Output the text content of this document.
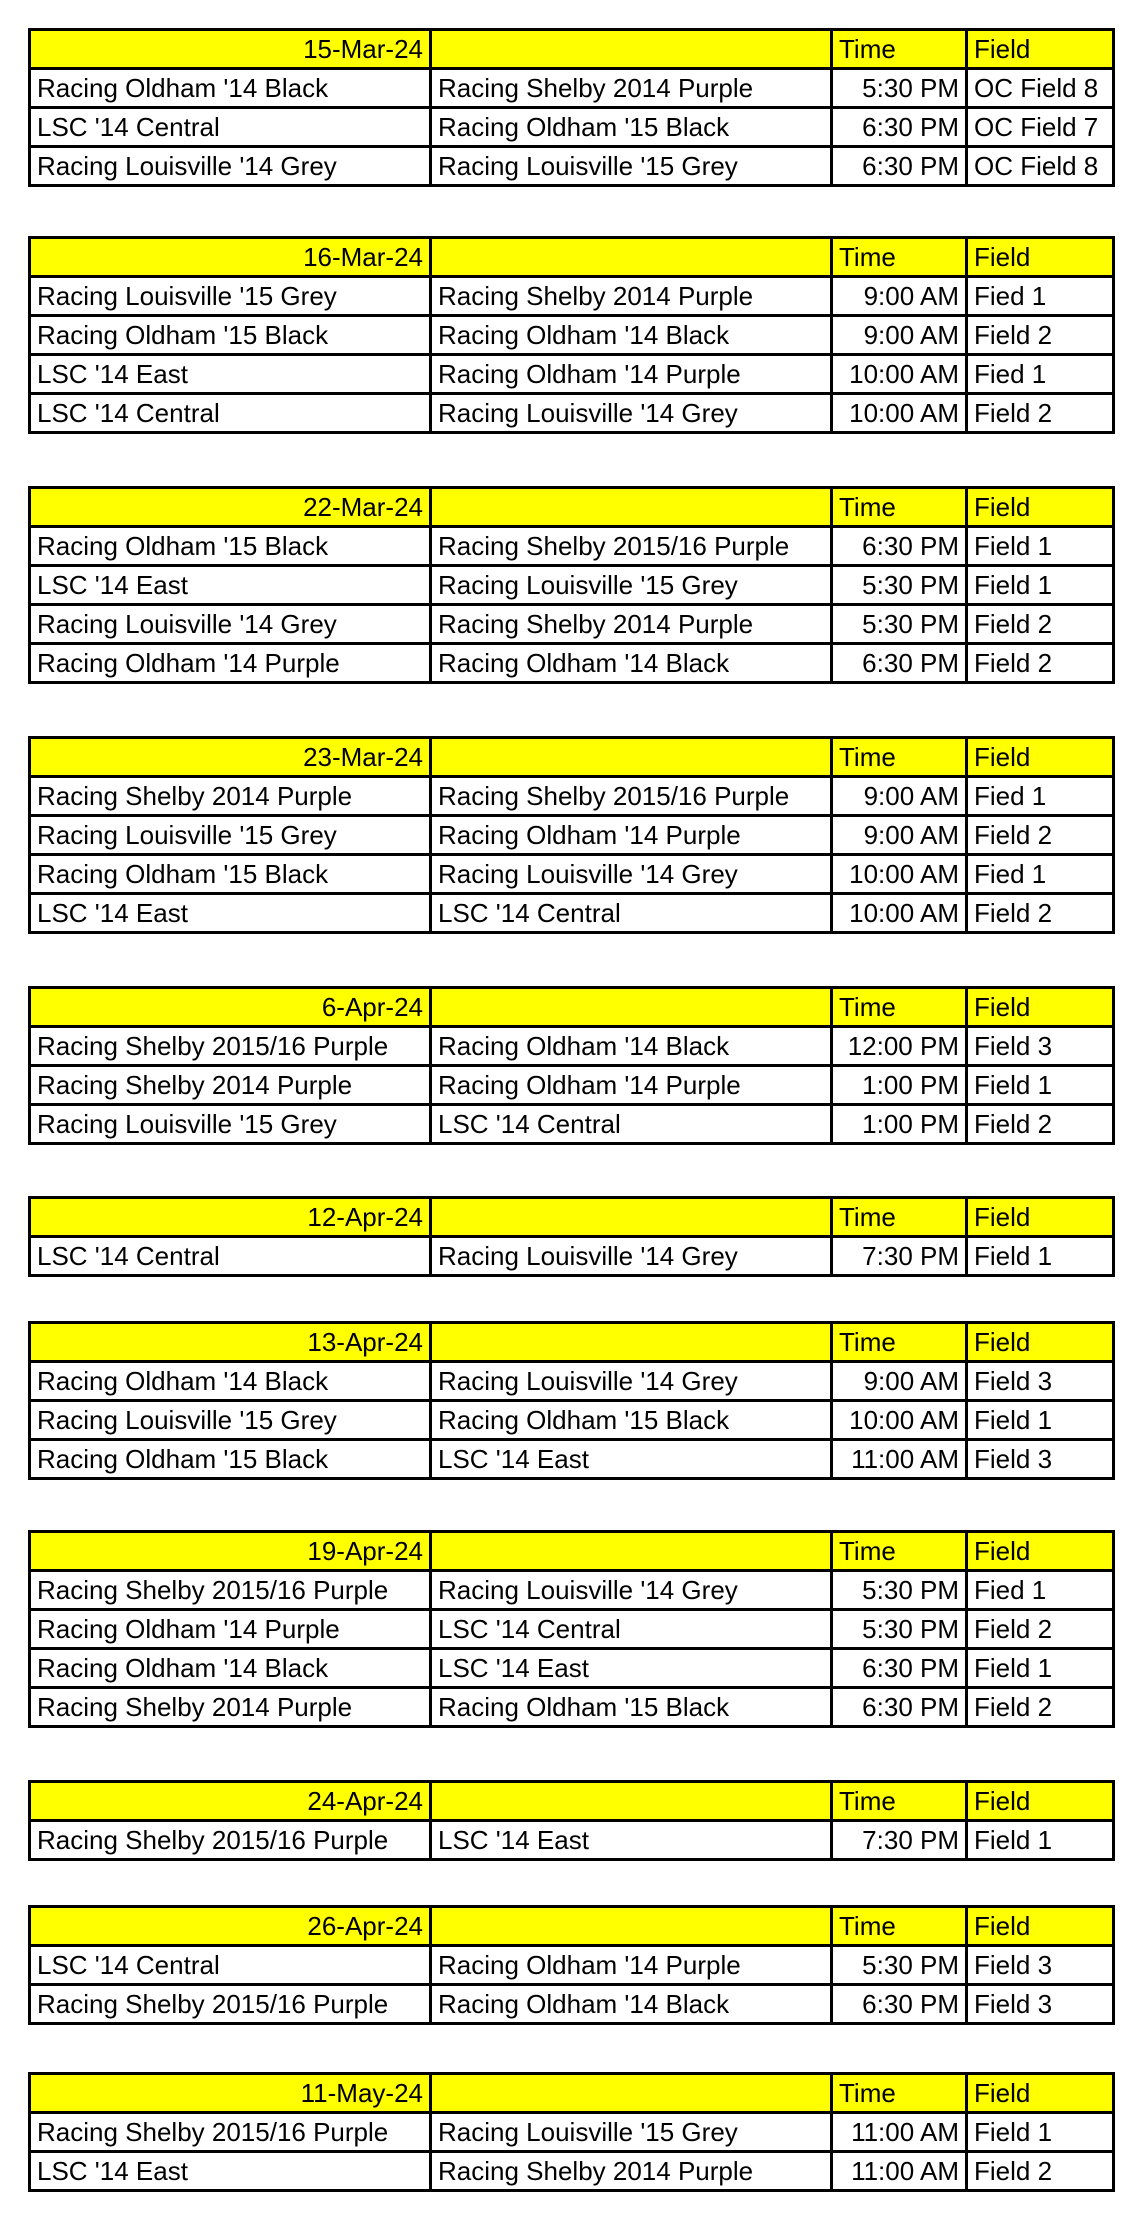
15-Mar-24		Time	Field
Racing Oldham '14 Black	Racing Shelby 2014 Purple	5:30 PM	OC Field 8
LSC '14 Central	Racing Oldham '15 Black	6:30 PM	OC Field 7
Racing Louisville '14 Grey	Racing Louisville '15 Grey	6:30 PM	OC Field 8
16-Mar-24		Time	Field
Racing Louisville '15 Grey	Racing Shelby 2014 Purple	9:00 AM	Fied 1
Racing Oldham '15 Black	Racing Oldham '14 Black	9:00 AM	Field 2
LSC '14 East	Racing Oldham '14 Purple	10:00 AM	Fied 1
LSC '14 Central	Racing Louisville '14 Grey	10:00 AM	Field 2
22-Mar-24		Time	Field
Racing Oldham '15 Black	Racing Shelby 2015/16 Purple	6:30 PM	Field 1
LSC '14 East	Racing Louisville '15 Grey	5:30 PM	Field 1
Racing Louisville '14 Grey	Racing Shelby 2014 Purple	5:30 PM	Field 2
Racing Oldham '14 Purple	Racing Oldham '14 Black	6:30 PM	Field 2
23-Mar-24		Time	Field
Racing Shelby 2014 Purple	Racing Shelby 2015/16 Purple	9:00 AM	Fied 1
Racing Louisville '15 Grey	Racing Oldham '14 Purple	9:00 AM	Field 2
Racing Oldham '15 Black	Racing Louisville '14 Grey	10:00 AM	Fied 1
LSC '14 East	LSC '14 Central	10:00 AM	Field 2
6-Apr-24		Time	Field
Racing Shelby 2015/16 Purple	Racing Oldham '14 Black	12:00 PM	Field 3
Racing Shelby 2014 Purple	Racing Oldham '14 Purple	1:00 PM	Field 1
Racing Louisville '15 Grey	LSC '14 Central	1:00 PM	Field 2
12-Apr-24		Time	Field
LSC '14 Central	Racing Louisville '14 Grey	7:30 PM	Field 1
13-Apr-24		Time	Field
Racing Oldham '14 Black	Racing Louisville '14 Grey	9:00 AM	Field 3
Racing Louisville '15 Grey	Racing Oldham '15 Black	10:00 AM	Field 1
Racing Oldham '15 Black	LSC '14 East	11:00 AM	Field 3
19-Apr-24		Time	Field
Racing Shelby 2015/16 Purple	Racing Louisville '14 Grey	5:30 PM	Fied 1
Racing Oldham '14 Purple	LSC '14 Central	5:30 PM	Field 2
Racing Oldham '14 Black	LSC '14 East	6:30 PM	Field 1
Racing Shelby 2014 Purple	Racing Oldham '15 Black	6:30 PM	Field 2
24-Apr-24		Time	Field
Racing Shelby 2015/16 Purple	LSC '14 East	7:30 PM	Field 1
26-Apr-24		Time	Field
LSC '14 Central	Racing Oldham '14 Purple	5:30 PM	Field 3
Racing Shelby 2015/16 Purple	Racing Oldham '14 Black	6:30 PM	Field 3
11-May-24		Time	Field
Racing Shelby 2015/16 Purple	Racing Louisville '15 Grey	11:00 AM	Field 1
LSC '14 East	Racing Shelby 2014 Purple	11:00 AM	Field 2
